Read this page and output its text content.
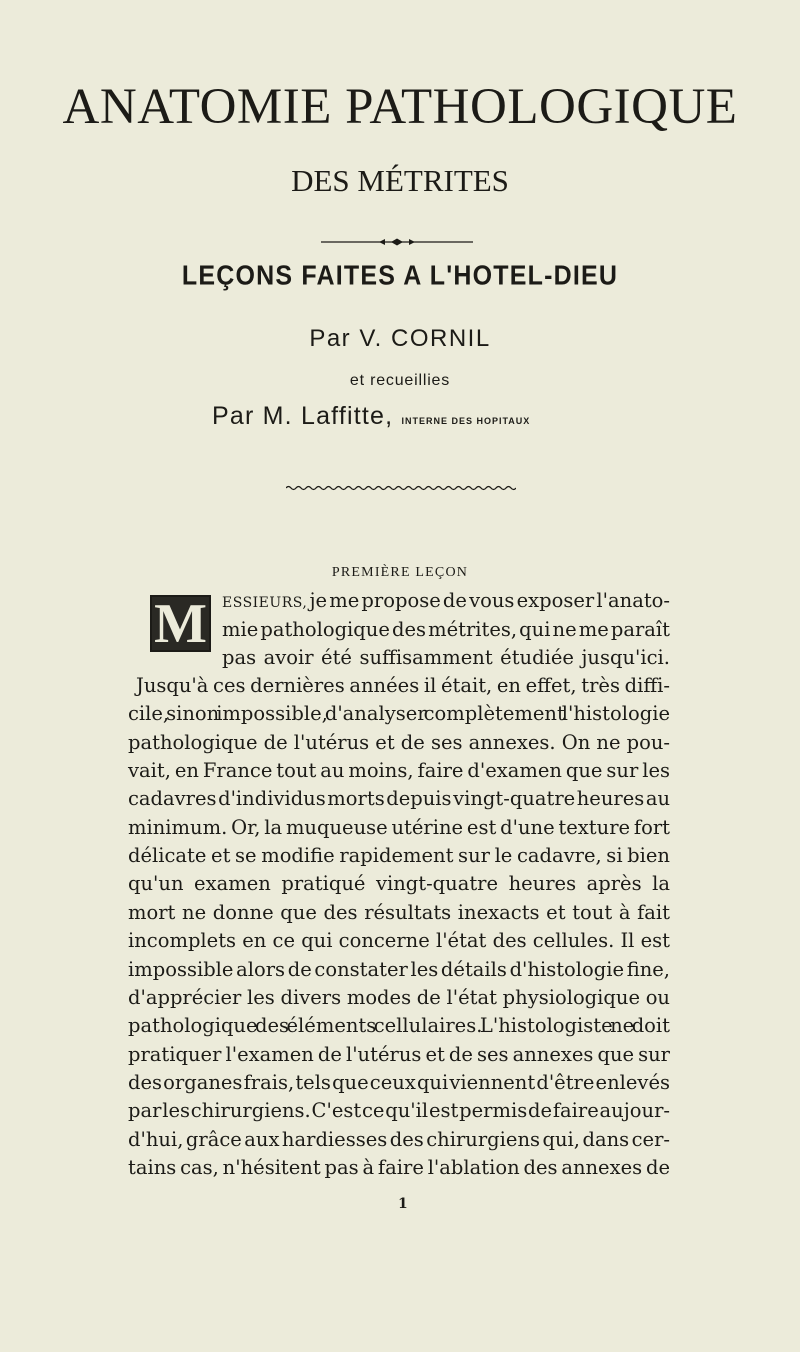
ANATOMIE PATHOLOGIQUE
DES MÉTRITES
LEÇONS FAITES A L'HOTEL-DIEU
Par V. CORNIL
et recueillies
Par M. Laffitte, INTERNE DES HOPITAUX
PREMIÈRE LEÇON
M ESSIEURS, je me propose de vous exposer l'anato-
mie pathologique des métrites, qui ne me paraît
pas avoir été suffisamment étudiée jusqu'ici.
Jusqu'à ces dernières années il était, en effet, très diffi-
cile, sinon impossible, d'analyser complètement l'histologie
pathologique de l'utérus et de ses annexes. On ne pou-
vait, en France tout au moins, faire d'examen que sur les
cadavres d'individus morts depuis vingt-quatre heures au
minimum. Or, la muqueuse utérine est d'une texture fort
délicate et se modifie rapidement sur le cadavre, si bien
qu'un examen pratiqué vingt-quatre heures après la
mort ne donne que des résultats inexacts et tout à fait
incomplets en ce qui concerne l'état des cellules. Il est
impossible alors de constater les détails d'histologie fine,
d'apprécier les divers modes de l'état physiologique ou
pathologique des éléments cellulaires. L'histologiste ne doit
pratiquer l'examen de l'utérus et de ses annexes que sur
des organes frais, tels que ceux qui viennent d'être enlevés
par les chirurgiens. C'est ce qu'il est permis de faire aujour-
d'hui, grâce aux hardiesses des chirurgiens qui, dans cer-
tains cas, n'hésitent pas à faire l'ablation des annexes de
1
